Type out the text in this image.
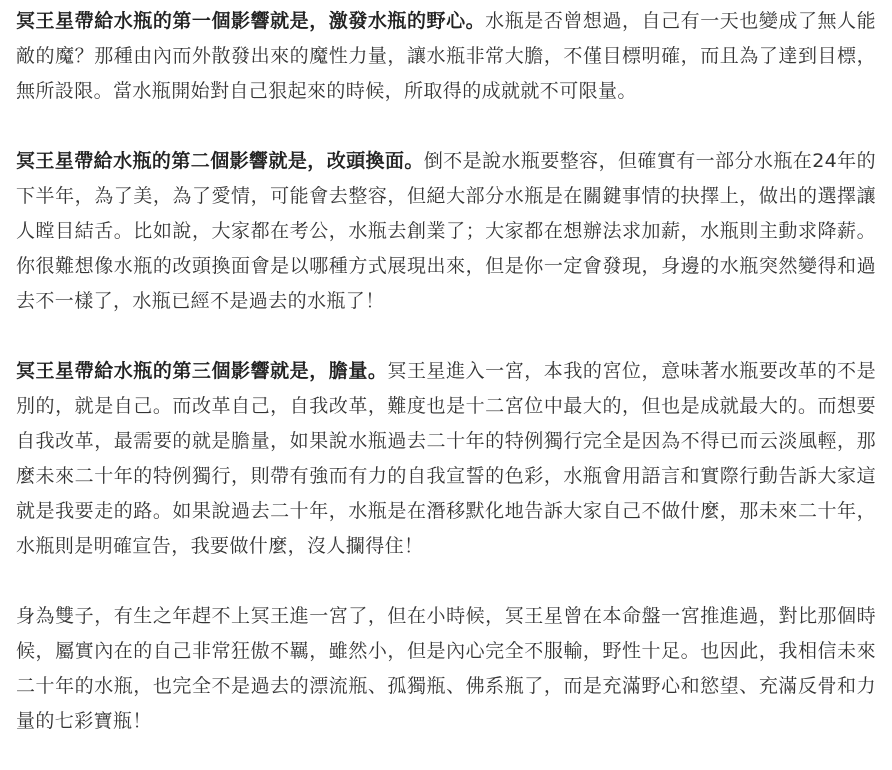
冥王星帶給水瓶的第一個影響就是，激發水瓶的野心。水瓶是否曾想過，自己有一天也變成了無人能敵的魔？那種由內而外散發出來的魔性力量，讓水瓶非常大膽，不僅目標明確，而且為了達到目標，無所設限。當水瓶開始對自己狠起來的時候，所取得的成就就不可限量。

冥王星帶給水瓶的第二個影響就是，改頭換面。倒不是說水瓶要整容，但確實有一部分水瓶在24年的下半年，為了美，為了愛情，可能會去整容，但絕大部分水瓶是在關鍵事情的抉擇上，做出的選擇讓人瞠目結舌。比如說，大家都在考公，水瓶去創業了；大家都在想辦法求加薪，水瓶則主動求降薪。你很難想像水瓶的改頭換面會是以哪種方式展現出來，但是你一定會發現，身邊的水瓶突然變得和過去不一樣了，水瓶已經不是過去的水瓶了！

冥王星帶給水瓶的第三個影響就是，膽量。冥王星進入一宮，本我的宮位，意味著水瓶要改革的不是別的，就是自己。而改革自己，自我改革，難度也是十二宮位中最大的，但也是成就最大的。而想要自我改革，最需要的就是膽量，如果說水瓶過去二十年的特例獨行完全是因為不得已而云淡風輕，那麼未來二十年的特例獨行，則帶有強而有力的自我宣誓的色彩，水瓶會用語言和實際行動告訴大家這就是我要走的路。如果說過去二十年，水瓶是在潛移默化地告訴大家自己不做什麼，那未來二十年，水瓶則是明確宣告，我要做什麼，沒人攔得住！

身為雙子，有生之年趕不上冥王進一宮了，但在小時候，冥王星曾在本命盤一宮推進過，對比那個時候，屬實內在的自己非常狂傲不羈，雖然小，但是內心完全不服輸，野性十足。也因此，我相信未來二十年的水瓶，也完全不是過去的漂流瓶、孤獨瓶、佛系瓶了，而是充滿野心和慾望、充滿反骨和力量的七彩寶瓶！
